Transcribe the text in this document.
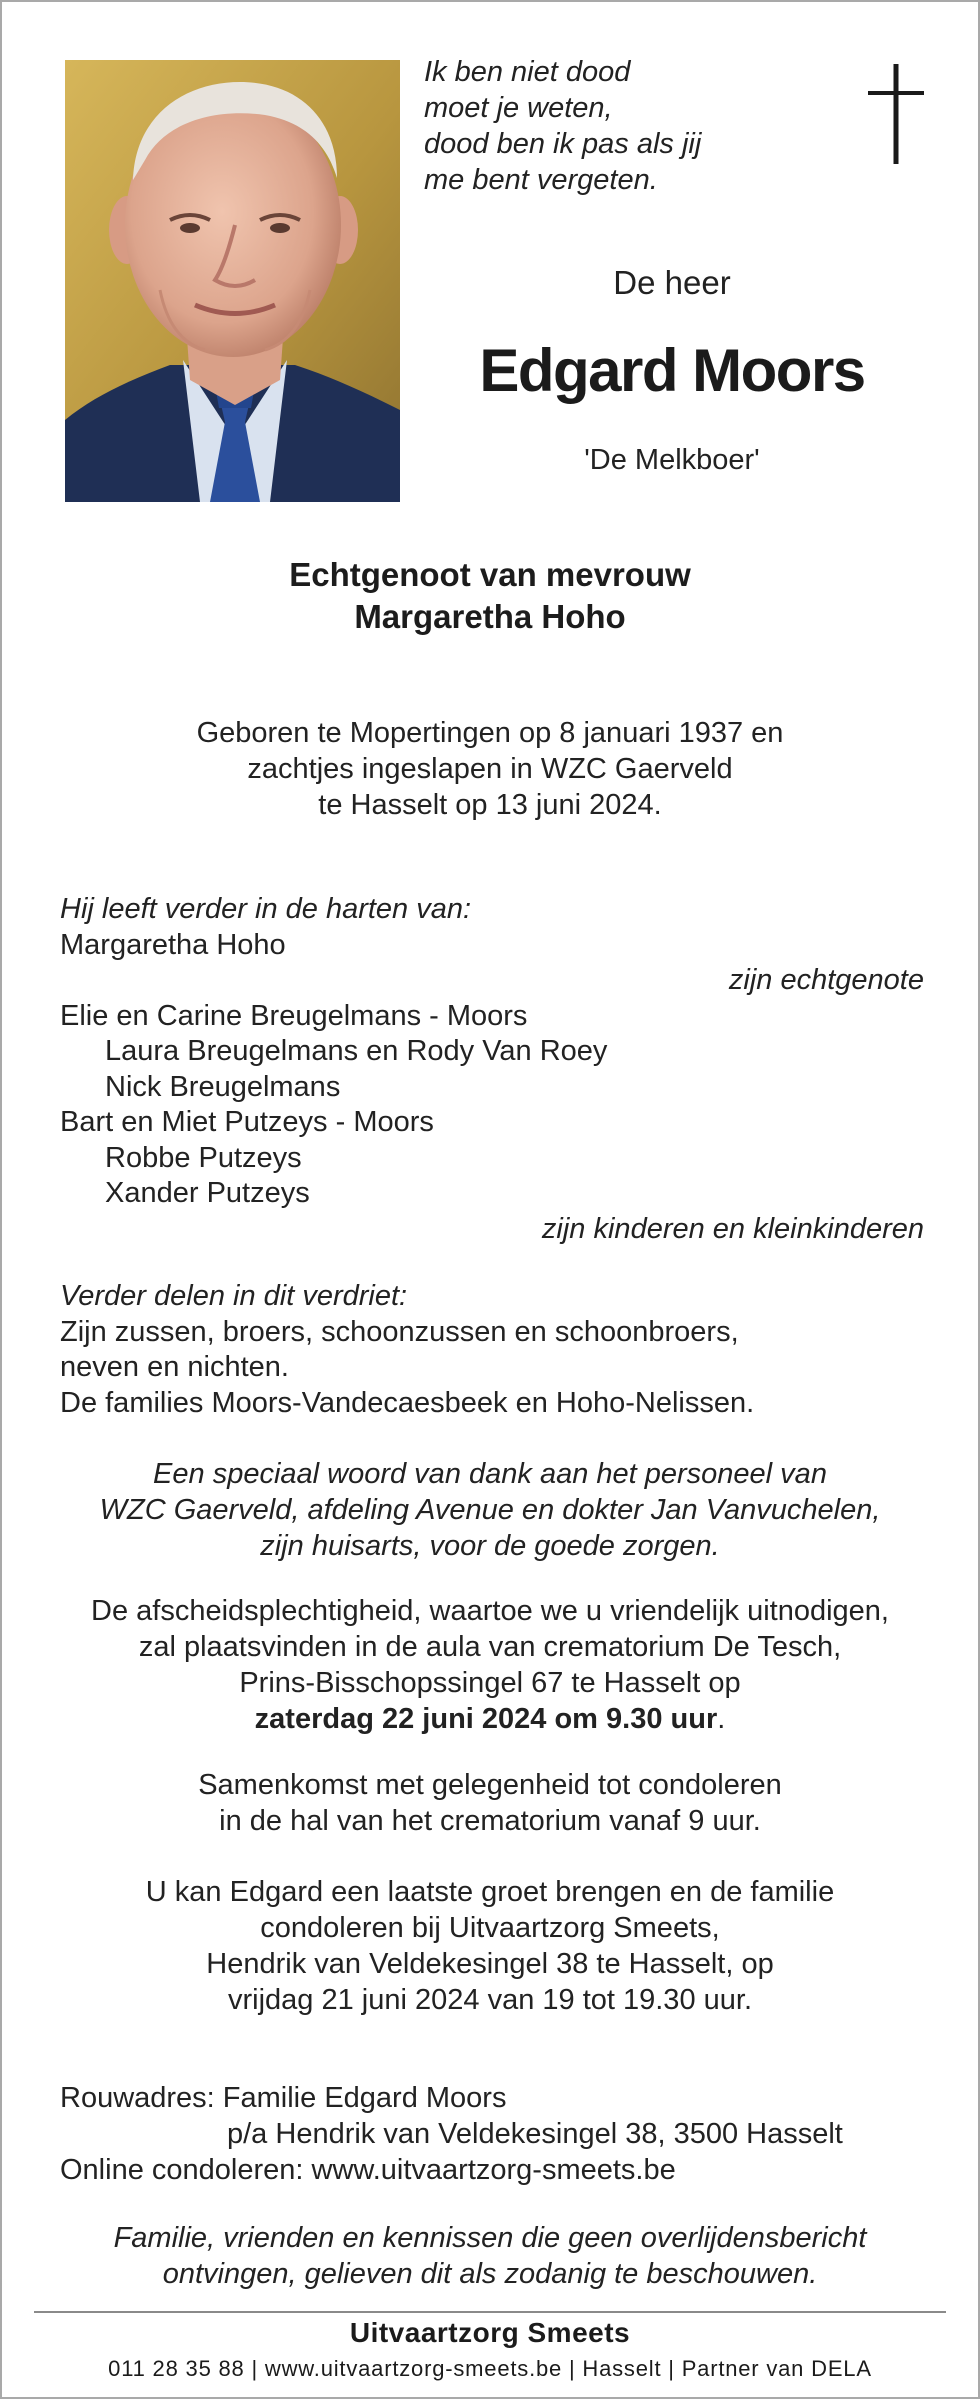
Ik ben niet dood
moet je weten,
dood ben ik pas als jij
me bent vergeten.
De heer
Edgard Moors
'De Melkboer'
Echtgenoot van mevrouw
Margaretha Hoho
Geboren te Mopertingen op 8 januari 1937 en
zachtjes ingeslapen in WZC Gaerveld
te Hasselt op 13 juni 2024.
Hij leeft verder in de harten van:
Margaretha Hoho
zijn echtgenote
Elie en Carine Breugelmans - Moors
Laura Breugelmans en Rody Van Roey
Nick Breugelmans
Bart en Miet Putzeys - Moors
Robbe Putzeys
Xander Putzeys
zijn kinderen en kleinkinderen
Verder delen in dit verdriet:
Zijn zussen, broers, schoonzussen en schoonbroers,
neven en nichten.
De families Moors-Vandecaesbeek en Hoho-Nelissen.
Een speciaal woord van dank aan het personeel van
WZC Gaerveld, afdeling Avenue en dokter Jan Vanvuchelen,
zijn huisarts, voor de goede zorgen.
De afscheidsplechtigheid, waartoe we u vriendelijk uitnodigen,
zal plaatsvinden in de aula van crematorium De Tesch,
Prins-Bisschopssingel 67 te Hasselt op
zaterdag 22 juni 2024 om 9.30 uur.
Samenkomst met gelegenheid tot condoleren
in de hal van het crematorium vanaf 9 uur.
U kan Edgard een laatste groet brengen en de familie
condoleren bij Uitvaartzorg Smeets,
Hendrik van Veldekesingel 38 te Hasselt, op
vrijdag 21 juni 2024 van 19 tot 19.30 uur.
Rouwadres: Familie Edgard Moors
p/a Hendrik van Veldekesingel 38, 3500 Hasselt
Online condoleren: www.uitvaartzorg-smeets.be
Familie, vrienden en kennissen die geen overlijdensbericht
ontvingen, gelieven dit als zodanig te beschouwen.
Uitvaartzorg Smeets
011 28 35 88 | www.uitvaartzorg-smeets.be | Hasselt | Partner van DELA
